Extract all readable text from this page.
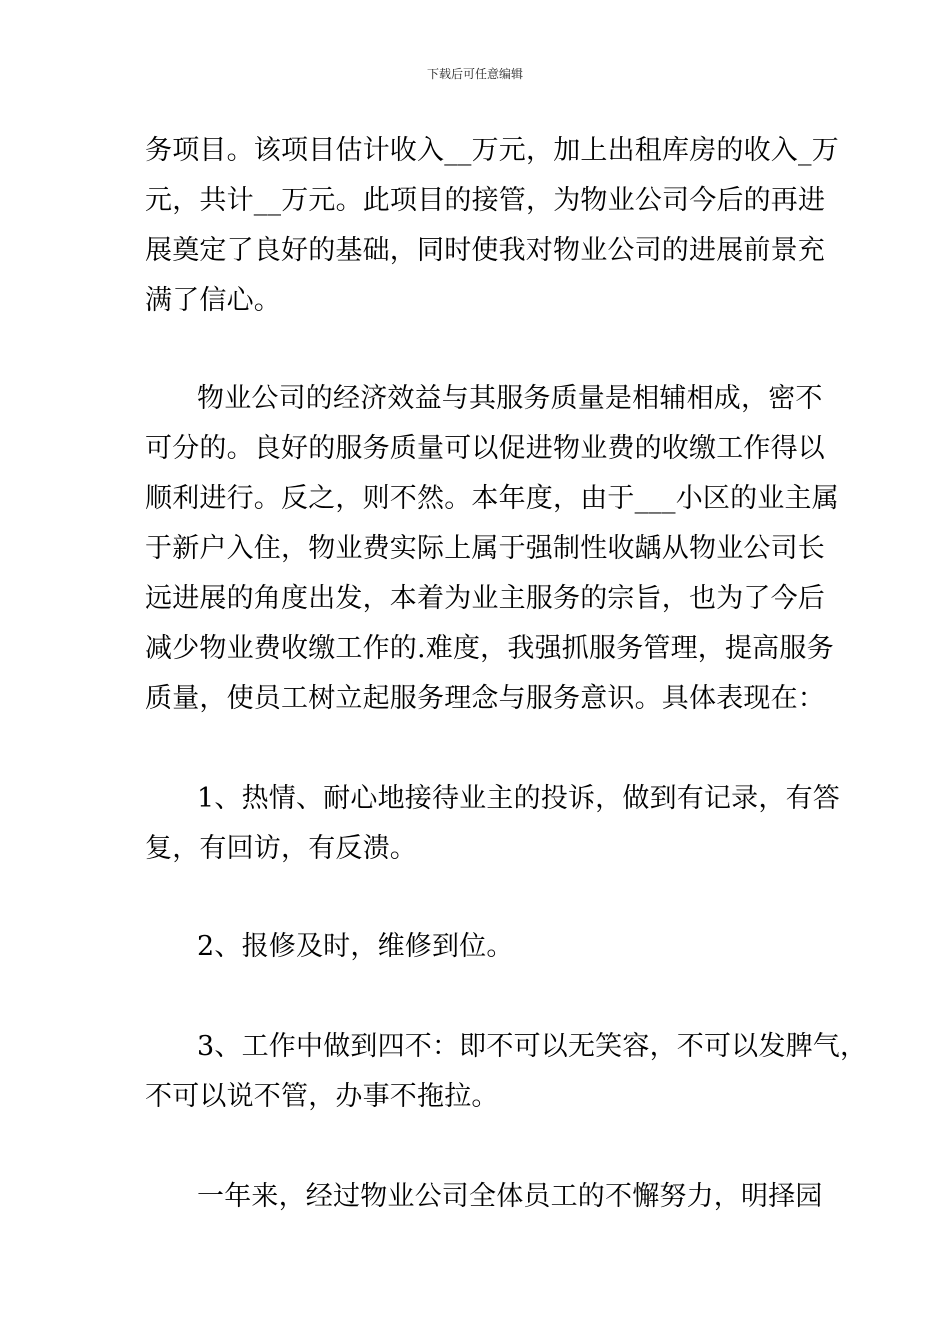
下载后可任意编辑
务项目。该项目估计收入__万元，加上出租库房的收入_万
元，共计__万元。此项目的接管，为物业公司今后的再进
展奠定了良好的基础，同时使我对物业公司的进展前景充
满了信心。
物业公司的经济效益与其服务质量是相辅相成，密不
可分的。良好的服务质量可以促进物业费的收缴工作得以
顺利进行。反之，则不然。本年度，由于___小区的业主属
于新户入住，物业费实际上属于强制性收龋从物业公司长
远进展的角度出发，本着为业主服务的宗旨，也为了今后
减少物业费收缴工作的.难度，我强抓服务管理，提高服务
质量，使员工树立起服务理念与服务意识。具体表现在：
1、热情、耐心地接待业主的投诉，做到有记录，有答
复，有回访，有反溃。
2、报修及时，维修到位。
3、工作中做到四不：即不可以无笑容，不可以发脾气，
不可以说不管，办事不拖拉。
一年来，经过物业公司全体员工的不懈努力，明择园
